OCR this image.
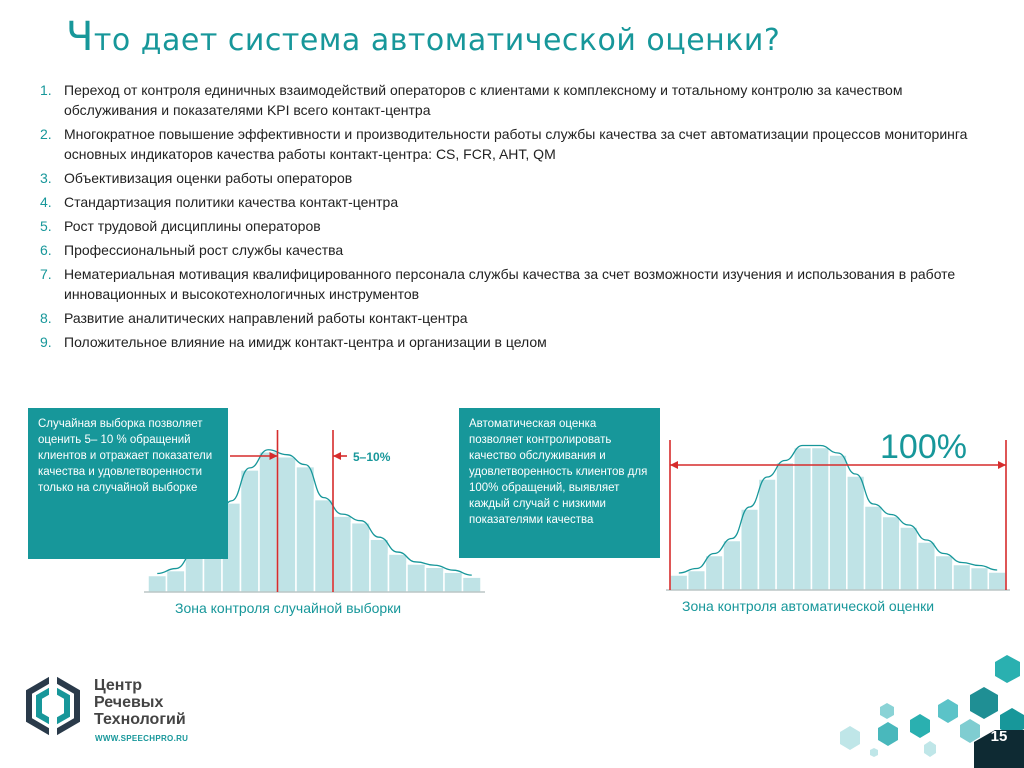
Что дает система автоматической оценки?
1. Переход от контроля единичных взаимодействий операторов с клиентами к комплексному и тотальному контролю за качеством обслуживания и показателями KPI всего контакт-центра
2. Многократное повышение эффективности и производительности работы службы качества за счет автоматизации процессов мониторинга основных индикаторов качества работы контакт-центра: CS, FCR, AHT, QM
3. Объективизация оценки работы операторов
4. Стандартизация политики качества контакт-центра
5. Рост трудовой дисциплины операторов
6. Профессиональный рост службы качества
7. Нематериальная мотивация квалифицированного персонала службы качества за счет возможности изучения и использования в работе инновационных и высокотехнологичных инструментов
8. Развитие аналитических направлений работы контакт-центра
9. Положительное влияние на имидж контакт-центра и организации в целом
5–10%	100%
Случайная выборка позволяет оценить 5– 10 % обращений клиентов и отражает показатели качества и удовлетворенности только на случайной выборке
Автоматическая оценка позволяет контролировать качество обслуживания и удовлетворенность клиентов для 100% обращений, выявляет каждый случай с низкими показателями качества
Зона контроля случайной выборки	Зона контроля автоматической оценки
Центр
Речевых
Технологий
WWW.SPEECHPRO.RU	15
